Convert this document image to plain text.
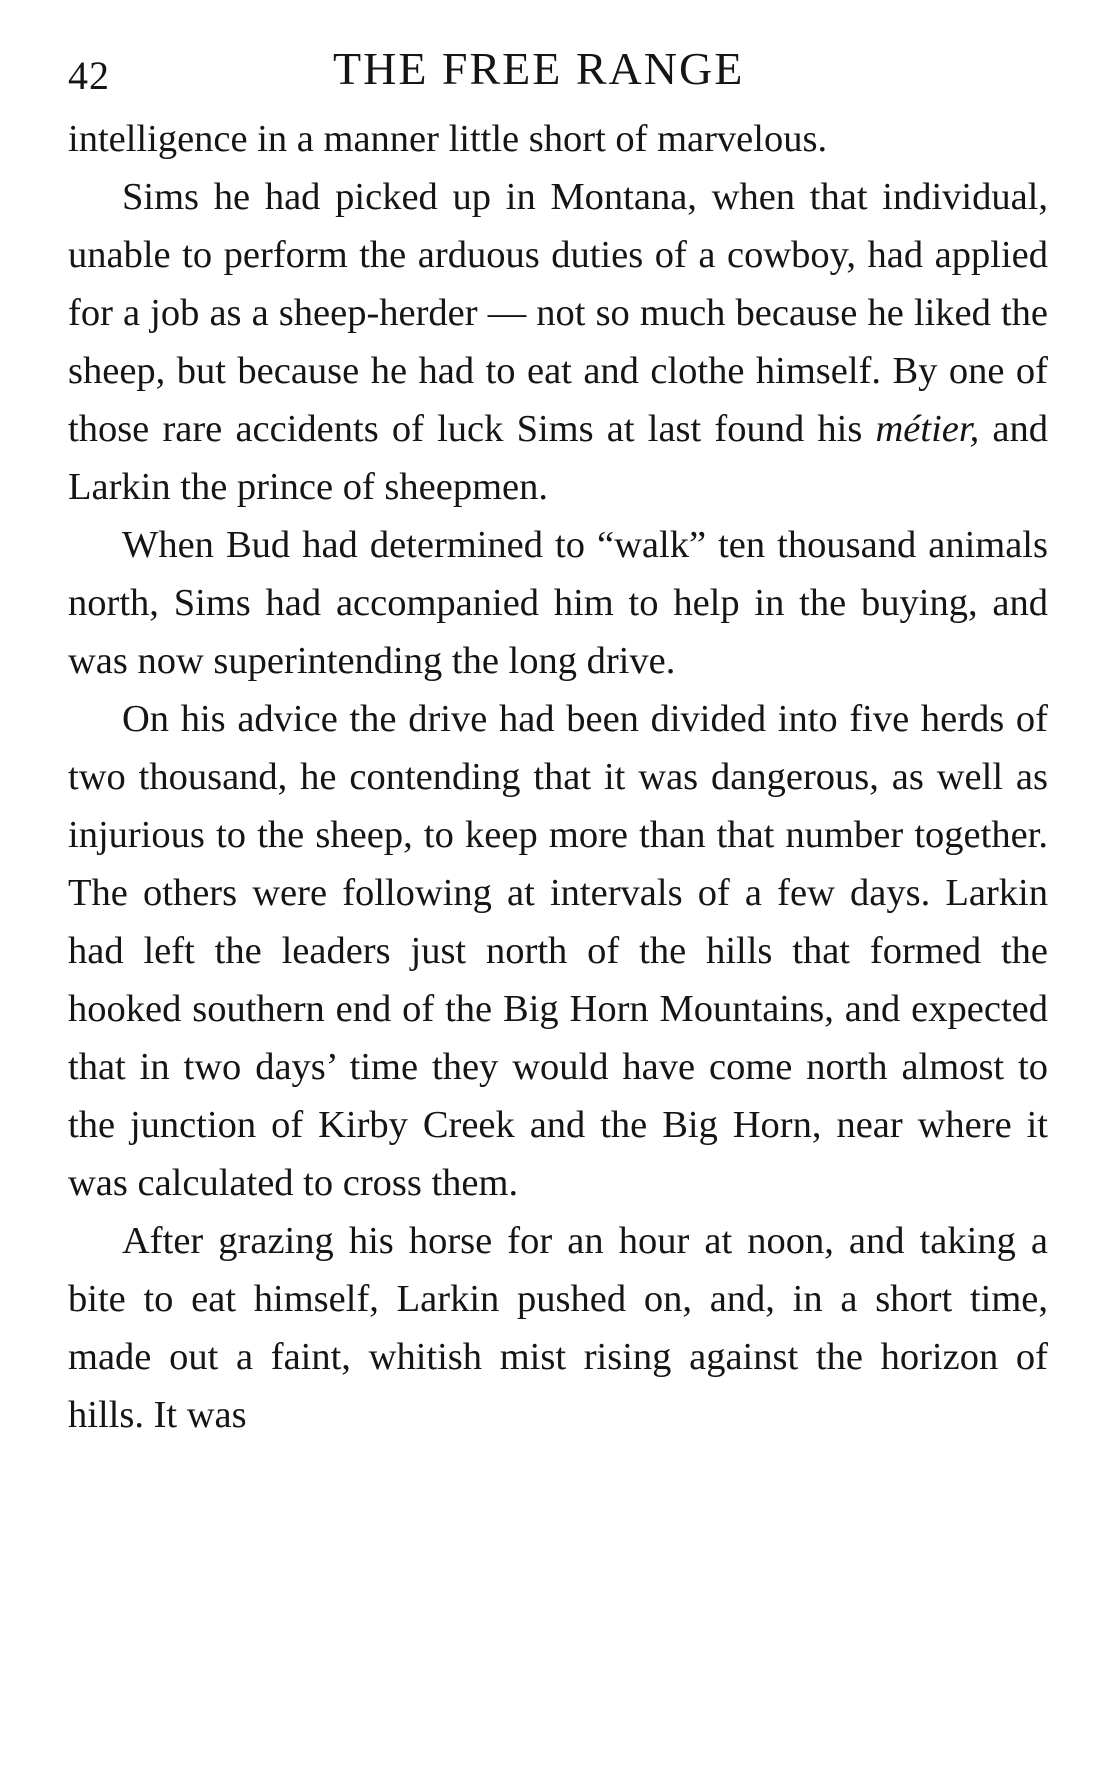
42	THE FREE RANGE

intelligence in a manner little short of marvelous.

Sims he had picked up in Montana, when that individual, unable to perform the arduous duties of a cowboy, had applied for a job as a sheep-herder — not so much because he liked the sheep, but because he had to eat and clothe himself. By one of those rare accidents of luck Sims at last found his métier, and Larkin the prince of sheepmen.

When Bud had determined to “walk” ten thousand animals north, Sims had accompanied him to help in the buying, and was now superintending the long drive.

On his advice the drive had been divided into five herds of two thousand, he contending that it was dangerous, as well as injurious to the sheep, to keep more than that number together. The others were following at intervals of a few days. Larkin had left the leaders just north of the hills that formed the hooked southern end of the Big Horn Mountains, and expected that in two days’ time they would have come north almost to the junction of Kirby Creek and the Big Horn, near where it was calculated to cross them.

After grazing his horse for an hour at noon, and taking a bite to eat himself, Larkin pushed on, and, in a short time, made out a faint, whitish mist rising against the horizon of hills. It was
